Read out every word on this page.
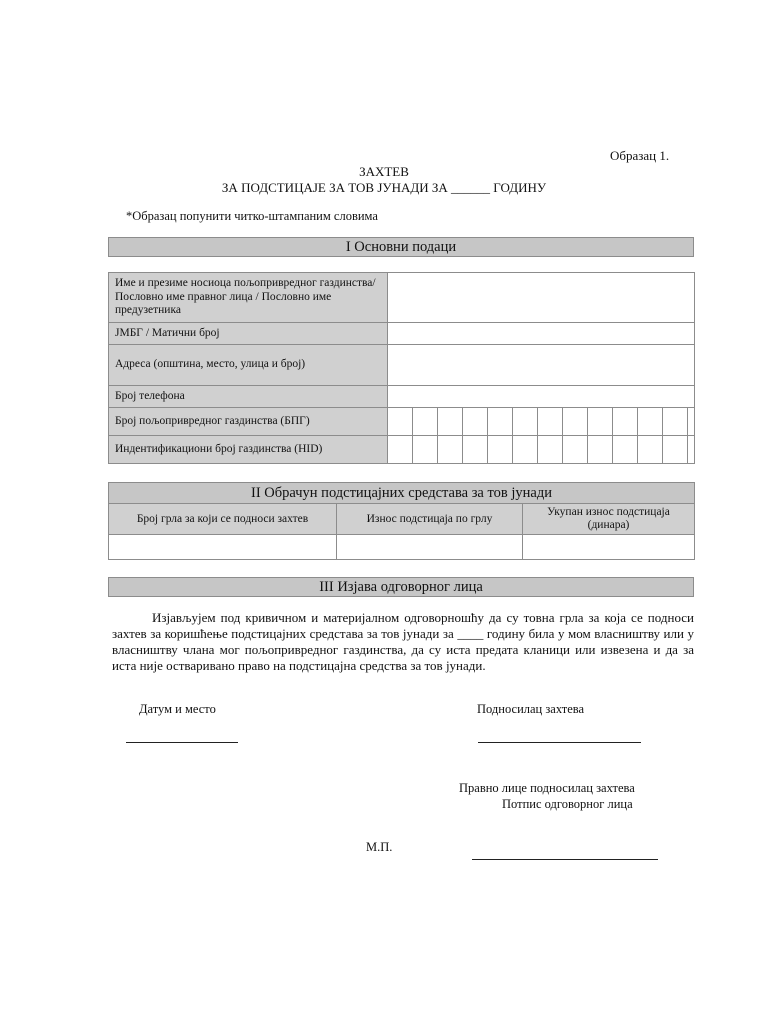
Образац 1.
ЗАХТЕВ
ЗА ПОДСТИЦАЈЕ ЗА ТОВ ЈУНАДИ ЗА ______ ГОДИНУ
*Образац попунити читко-штампаним словима
I Основни подаци
Име и презиме носиоца пољопривредног газдинства/ Пословно име правног лица / Пословно име предузетника													
ЈМБГ / Матични број													
Адреса (општина, место, улица и број)													
Број телефона													
Број пољопривредног газдинства (БПГ)													
Индентификациони број газдинства (HID)													
II Обрачун подстицајних средстава за тов јунади		
Број грла за који се подноси захтев	Износ подстицаја по грлу	Укупан износ подстицаја (динара)

III Изјава одговорног лица
Изјављујем под кривичном и материјалном одговорношћу да су товна грла за која се подноси захтев за коришћење подстицајних средстава за тов јунади за ____ годину била у мом власништву или у власништву члана мог пољопривредног газдинства, да су иста предата кланици или извезена и да за иста није остваривано право на подстицајна средства за тов јунади.
Датум и место	Подносилац захтева
Правно лице подносилац захтева
Потпис одговорног лица
М.П.
